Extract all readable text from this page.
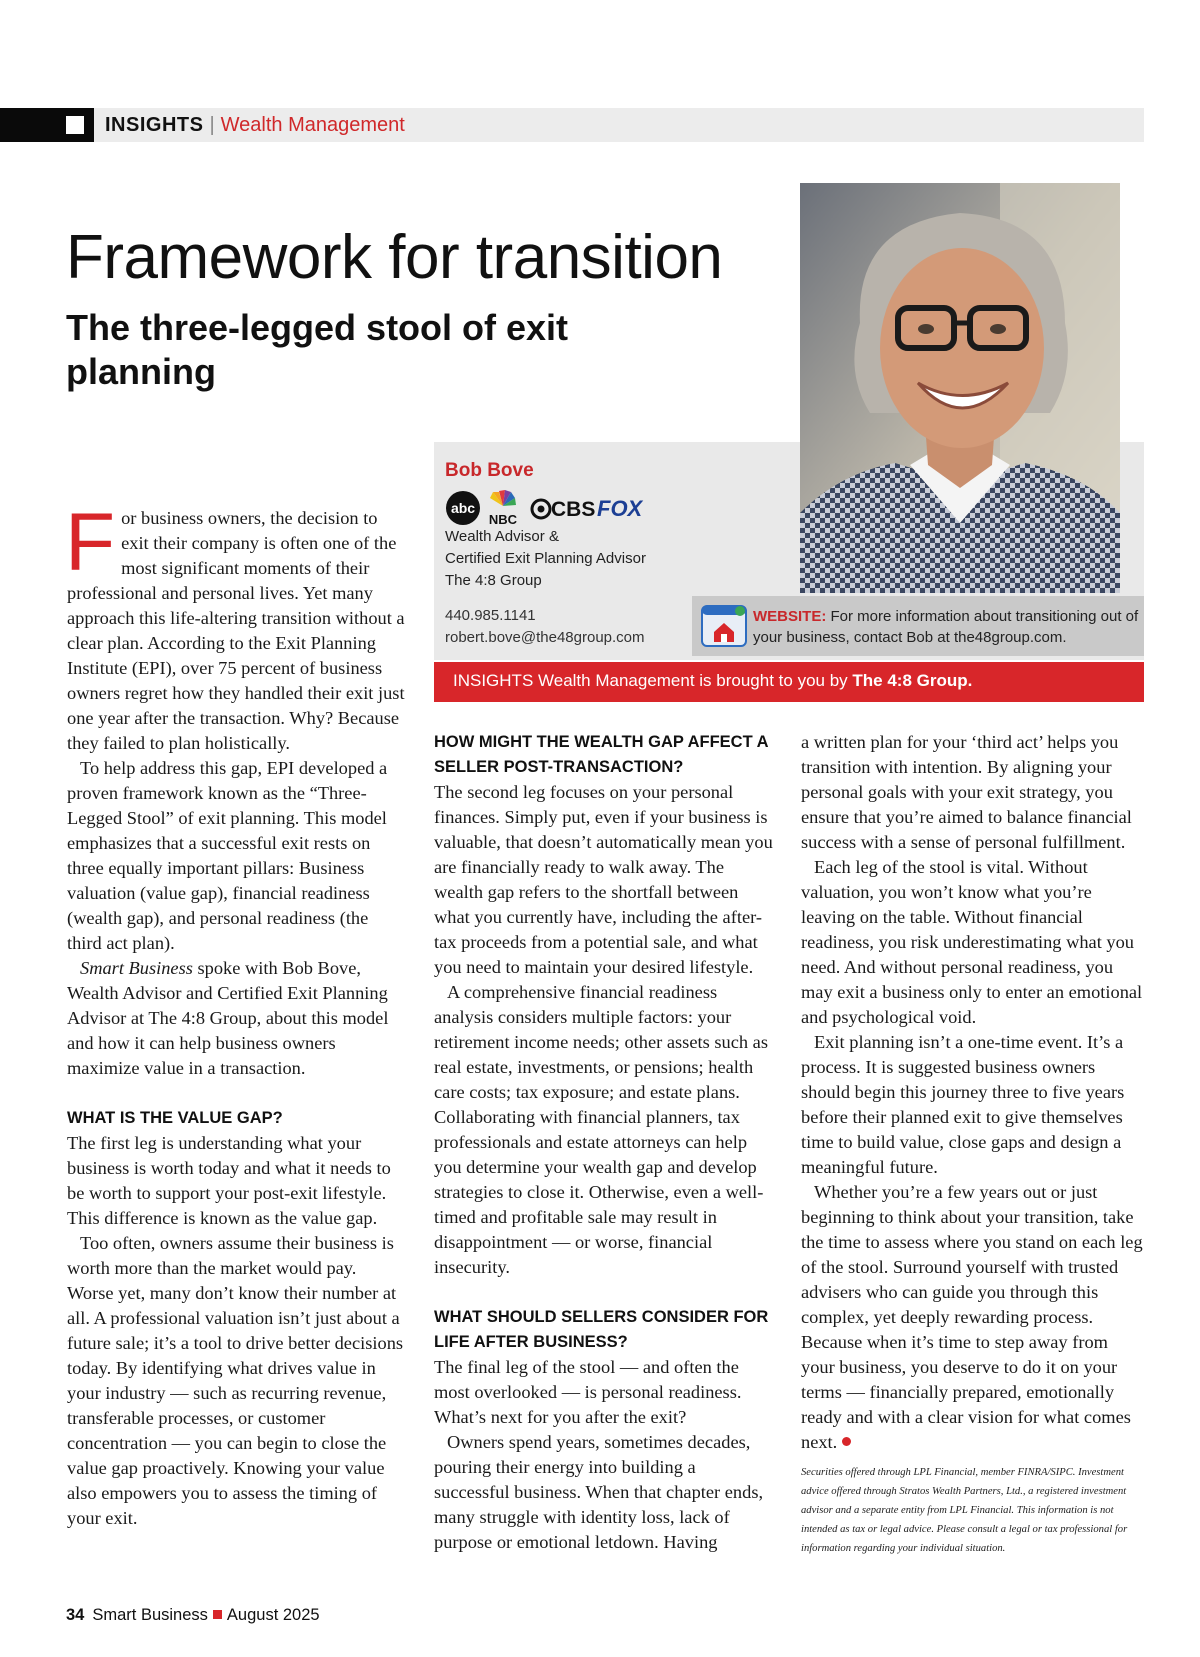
INSIGHTS | Wealth Management
Framework for transition
The three-legged stool of exit planning
Bob Bove
abc
NBC CBS FOX
Wealth Advisor &
Certified Exit Planning Advisor
The 4:8 Group
440.985.1141
robert.bove@the48group.com
WEBSITE: For more information about transitioning out of your business, contact Bob at the48group.com.
INSIGHTS Wealth Management is brought to you by The 4:8 Group.

For business owners, the decision to exit their company is often one of the most significant moments of their professional and personal lives. Yet many approach this life-altering transition without a clear plan. According to the Exit Planning Institute (EPI), over 75 percent of business owners regret how they handled their exit just one year after the transaction. Why? Because they failed to plan holistically.

To help address this gap, EPI developed a proven framework known as the “Three-Legged Stool” of exit planning. This model emphasizes that a successful exit rests on three equally important pillars: Business valuation (value gap), financial readiness (wealth gap), and personal readiness (the third act plan).

Smart Business spoke with Bob Bove, Wealth Advisor and Certified Exit Planning Advisor at The 4:8 Group, about this model and how it can help business owners maximize value in a transaction.

WHAT IS THE VALUE GAP?

The first leg is understanding what your business is worth today and what it needs to be worth to support your post-exit lifestyle. This difference is known as the value gap.

Too often, owners assume their business is worth more than the market would pay. Worse yet, many don’t know their number at all. A professional valuation isn’t just about a future sale; it’s a tool to drive better decisions today. By identifying what drives value in your industry — such as recurring revenue, transferable processes, or customer concentration — you can begin to close the value gap proactively. Knowing your value also empowers you to assess the timing of your exit.

HOW MIGHT THE WEALTH GAP AFFECT A SELLER POST-TRANSACTION?

The second leg focuses on your personal finances. Simply put, even if your business is valuable, that doesn’t automatically mean you are financially ready to walk away. The wealth gap refers to the shortfall between what you currently have, including the after-tax proceeds from a potential sale, and what you need to maintain your desired lifestyle.

A comprehensive financial readiness analysis considers multiple factors: your retirement income needs; other assets such as real estate, investments, or pensions; health care costs; tax exposure; and estate plans. Collaborating with financial planners, tax professionals and estate attorneys can help you determine your wealth gap and develop strategies to close it. Otherwise, even a well-timed and profitable sale may result in disappointment — or worse, financial insecurity.

WHAT SHOULD SELLERS CONSIDER FOR LIFE AFTER BUSINESS?

The final leg of the stool — and often the most overlooked — is personal readiness. What’s next for you after the exit?

Owners spend years, sometimes decades, pouring their energy into building a successful business. When that chapter ends, many struggle with identity loss, lack of purpose or emotional letdown. Having

a written plan for your ‘third act’ helps you transition with intention. By aligning your personal goals with your exit strategy, you ensure that you’re aimed to balance financial success with a sense of personal fulfillment.

Each leg of the stool is vital. Without valuation, you won’t know what you’re leaving on the table. Without financial readiness, you risk underestimating what you need. And without personal readiness, you may exit a business only to enter an emotional and psychological void.

Exit planning isn’t a one-time event. It’s a process. It is suggested business owners should begin this journey three to five years before their planned exit to give themselves time to build value, close gaps and design a meaningful future.

Whether you’re a few years out or just beginning to think about your transition, take the time to assess where you stand on each leg of the stool. Surround yourself with trusted advisers who can guide you through this complex, yet deeply rewarding process. Because when it’s time to step away from your business, you deserve to do it on your terms — financially prepared, emotionally ready and with a clear vision for what comes next.

Securities offered through LPL Financial, member FINRA/SIPC. Investment advice offered through Stratos Wealth Partners, Ltd., a registered investment advisor and a separate entity from LPL Financial. This information is not intended as tax or legal advice. Please consult a legal or tax professional for information regarding your individual situation.
34 Smart Business August 2025
